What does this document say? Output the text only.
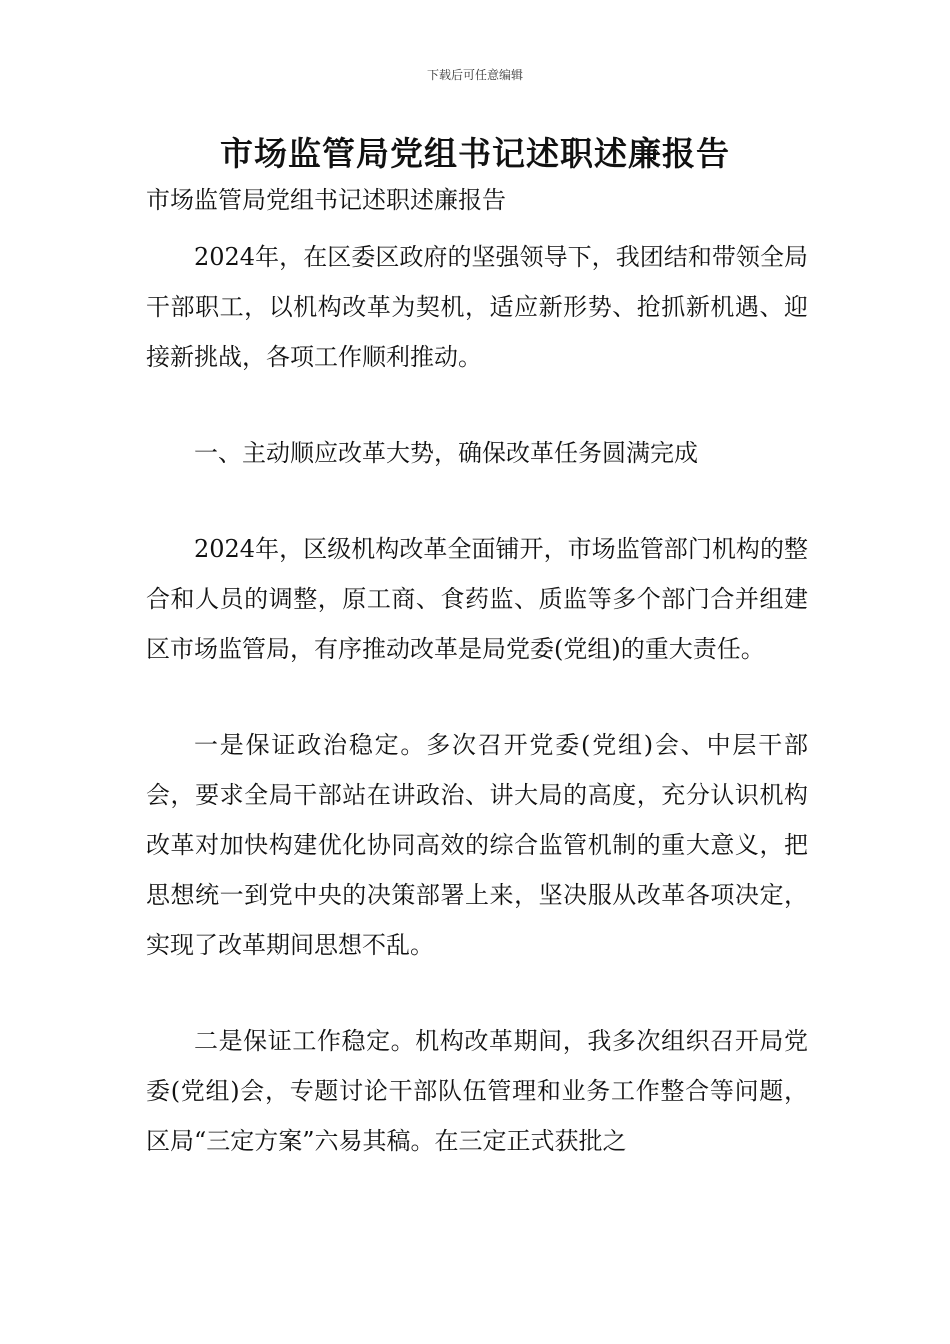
下载后可任意编辑
市场监管局党组书记述职述廉报告

市场监管局党组书记述职述廉报告

2024年，在区委区政府的坚强领导下，我团结和带领全局干部职工，以机构改革为契机，适应新形势、抢抓新机遇、迎接新挑战，各项工作顺利推动。

一、主动顺应改革大势，确保改革任务圆满完成

2024年，区级机构改革全面铺开，市场监管部门机构的整合和人员的调整，原工商、食药监、质监等多个部门合并组建区市场监管局，有序推动改革是局党委(党组)的重大责任。

一是保证政治稳定。多次召开党委(党组)会、中层干部会，要求全局干部站在讲政治、讲大局的高度，充分认识机构改革对加快构建优化协同高效的综合监管机制的重大意义，把思想统一到党中央的决策部署上来，坚决服从改革各项决定，实现了改革期间思想不乱。

二是保证工作稳定。机构改革期间，我多次组织召开局党委(党组)会，专题讨论干部队伍管理和业务工作整合等问题，区局“三定方案”六易其稿。在三定正式获批之
